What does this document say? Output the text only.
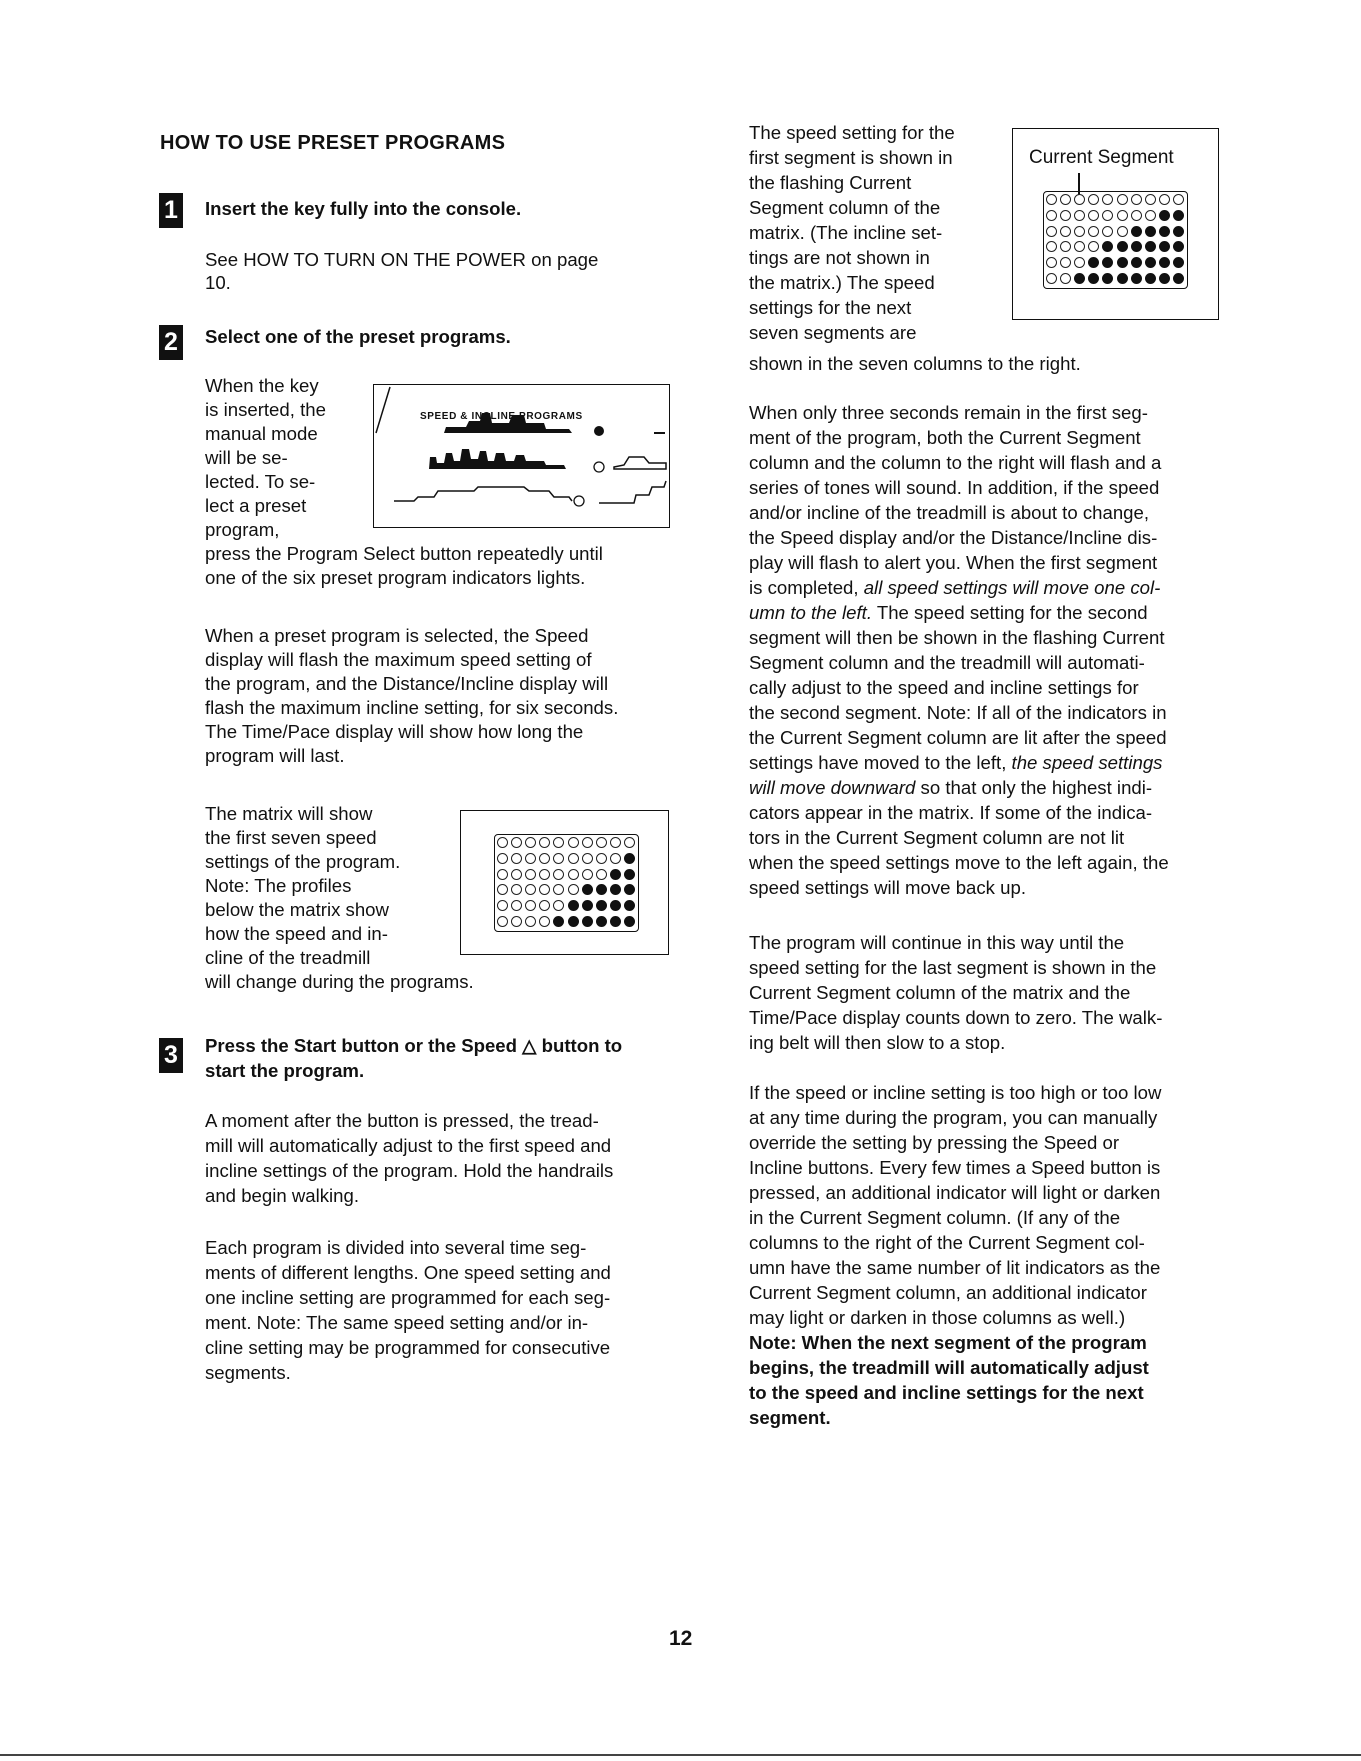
HOW TO USE PRESET PROGRAMS
1 Insert the key fully into the console.
See HOW TO TURN ON THE POWER on page
10.
2 Select one of the preset programs.
When the key
is inserted, the
manual mode
will be se-
lected. To se-
lect a preset
program,
press the Program Select button repeatedly until
one of the six preset program indicators lights.
SPEED & INCLINE PROGRAMS
When a preset program is selected, the Speed
display will flash the maximum speed setting of
the program, and the Distance/Incline display will
flash the maximum incline setting, for six seconds.
The Time/Pace display will show how long the
program will last.
The matrix will show
the first seven speed
settings of the program.
Note: The profiles
below the matrix show
how the speed and in-
cline of the treadmill
will change during the programs.
3 Press the Start button or the Speed △ button to
start the program.
A moment after the button is pressed, the tread-
mill will automatically adjust to the first speed and
incline settings of the program. Hold the handrails
and begin walking.
Each program is divided into several time seg-
ments of different lengths. One speed setting and
one incline setting are programmed for each seg-
ment. Note: The same speed setting and/or in-
cline setting may be programmed for consecutive
segments.
The speed setting for the
first segment is shown in
the flashing Current
Segment column of the
matrix. (The incline set-
tings are not shown in
the matrix.) The speed
settings for the next
seven segments are
shown in the seven columns to the right.
Current Segment
When only three seconds remain in the first seg-
ment of the program, both the Current Segment
column and the column to the right will flash and a
series of tones will sound. In addition, if the speed
and/or incline of the treadmill is about to change,
the Speed display and/or the Distance/Incline dis-
play will flash to alert you. When the first segment
is completed, all speed settings will move one col-
umn to the left. The speed setting for the second
segment will then be shown in the flashing Current
Segment column and the treadmill will automati-
cally adjust to the speed and incline settings for
the second segment. Note: If all of the indicators in
the Current Segment column are lit after the speed
settings have moved to the left, the speed settings
will move downward so that only the highest indi-
cators appear in the matrix. If some of the indica-
tors in the Current Segment column are not lit
when the speed settings move to the left again, the
speed settings will move back up.
The program will continue in this way until the
speed setting for the last segment is shown in the
Current Segment column of the matrix and the
Time/Pace display counts down to zero. The walk-
ing belt will then slow to a stop.
If the speed or incline setting is too high or too low
at any time during the program, you can manually
override the setting by pressing the Speed or
Incline buttons. Every few times a Speed button is
pressed, an additional indicator will light or darken
in the Current Segment column. (If any of the
columns to the right of the Current Segment col-
umn have the same number of lit indicators as the
Current Segment column, an additional indicator
may light or darken in those columns as well.)
Note: When the next segment of the program
begins, the treadmill will automatically adjust
to the speed and incline settings for the next
segment.
12
